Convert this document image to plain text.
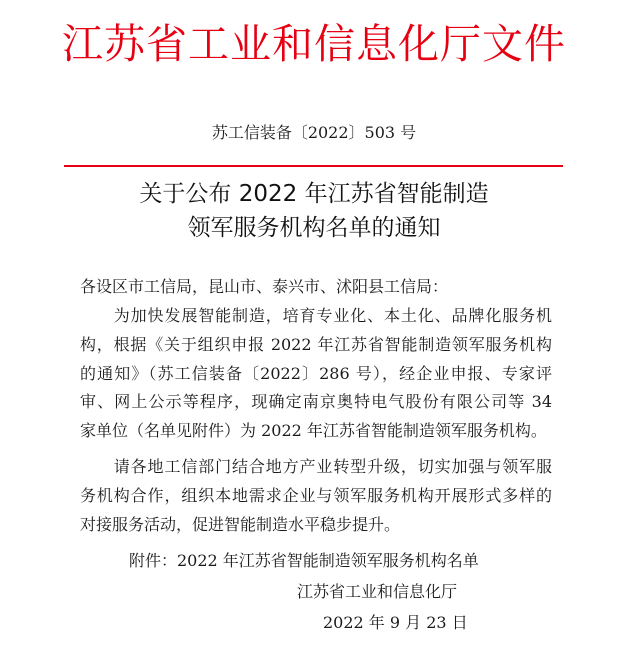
江苏省工业和信息化厅文件
苏工信装备〔2022〕503 号
关于公布 2022 年江苏省智能制造
领军服务机构名单的通知
各设区市工信局，昆山市、泰兴市、沭阳县工信局：
　　为加快发展智能制造，培育专业化、本土化、品牌化服务机
构，根据《关于组织申报 2022 年江苏省智能制造领军服务机构
的通知》（苏工信装备〔2022〕286 号），经企业申报、专家评
审、网上公示等程序，现确定南京奥特电气股份有限公司等 34
家单位（名单见附件）为 2022 年江苏省智能制造领军服务机构。
　　请各地工信部门结合地方产业转型升级，切实加强与领军服
务机构合作，组织本地需求企业与领军服务机构开展形式多样的
对接服务活动，促进智能制造水平稳步提升。
附件：2022 年江苏省智能制造领军服务机构名单
江苏省工业和信息化厅
2022 年 9 月 23 日
